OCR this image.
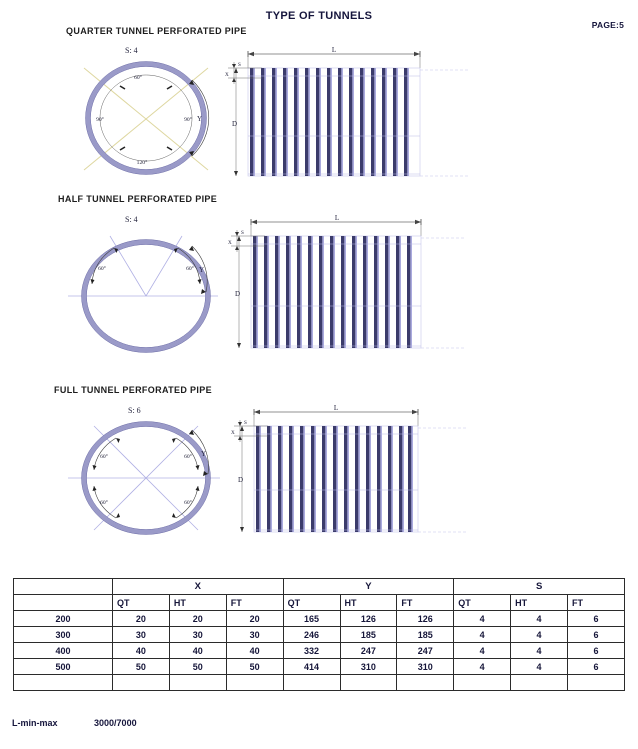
TYPE OF TUNNELS
PAGE:5
QUARTER TUNNEL PERFORATED PIPE
S: 4
Y
60°
90°	90°
120°
L
X
S
D
HALF TUNNEL PERFORATED PIPE
S: 4
Y
60°	60°
L
X
S
D
FULL TUNNEL PERFORATED PIPE
S: 6
Y
60°	60°
60°	60°
L
X
S
D
	X			Y			S		
	QT	HT	FT	QT	HT	FT	QT	HT	FT
200	20	20	20	165	126	126	4	4	6
300	30	30	30	246	185	185	4	4	6
400	40	40	40	332	247	247	4	4	6
500	50	50	50	414	310	310	4	4	6

L-min-max	3000/7000
